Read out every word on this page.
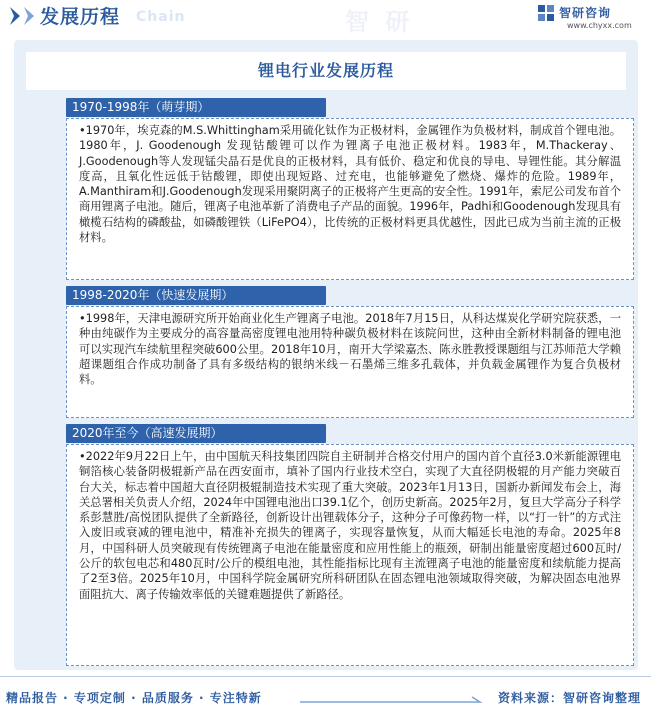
发展历程 Chain	智 研	智研咨询
www.chyxx.com
锂电行业发展历程
1970-1998年（萌芽期）

•1970年，埃克森的M.S.Whittingham采用硫化钛作为正极材料，金属锂作为负极材料，制成首个锂电池。1980年，J. Goodenough 发现钴酸锂可以作为锂离子电池正极材料。1983年，M.Thackeray、J.Goodenough等人发现锰尖晶石是优良的正极材料，具有低价、稳定和优良的导电、导锂性能。其分解温度高，且氧化性远低于钴酸锂，即使出现短路、过充电，也能够避免了燃烧、爆炸的危险。1989年，A.Manthiram和J.Goodenough发现采用聚阴离子的正极将产生更高的安全性。1991年，索尼公司发布首个商用锂离子电池。随后，锂离子电池革新了消费电子产品的面貌。1996年，Padhi和Goodenough发现具有橄榄石结构的磷酸盐，如磷酸锂铁（LiFePO4），比传统的正极材料更具优越性，因此已成为当前主流的正极材料。

1998-2020年（快速发展期）

•1998年，天津电源研究所开始商业化生产锂离子电池。2018年7月15日，从科达煤炭化学研究院获悉，一种由纯碳作为主要成分的高容量高密度锂电池用特种碳负极材料在该院问世，这种由全新材料制备的锂电池可以实现汽车续航里程突破600公里。2018年10月，南开大学梁嘉杰、陈永胜教授课题组与江苏师范大学赖超课题组合作成功制备了具有多级结构的银纳米线－石墨烯三维多孔载体，并负载金属锂作为复合负极材料。

2020年至今（高速发展期）

•2022年9月22日上午，由中国航天科技集团四院自主研制并合格交付用户的国内首个直径3.0米新能源锂电铜箔核心装备阴极辊新产品在西安面市，填补了国内行业技术空白，实现了大直径阴极辊的月产能力突破百台大关，标志着中国超大直径阴极辊制造技术实现了重大突破。2023年1月13日，国新办新闻发布会上，海关总署相关负责人介绍，2024年中国锂电池出口39.1亿个，创历史新高。2025年2月，复旦大学高分子科学系彭慧胜/高悦团队提供了全新路径，创新设计出锂载体分子，这种分子可像药物一样，以“打一针”的方式注入废旧或衰减的锂电池中，精准补充损失的锂离子，实现容量恢复，从而大幅延长电池的寿命。2025年8月，中国科研人员突破现有传统锂离子电池在能量密度和应用性能上的瓶颈，研制出能量密度超过600瓦时/公斤的软包电芯和480瓦时/公斤的模组电池，其性能指标比现有主流锂离子电池的能量密度和续航能力提高了2至3倍。2025年10月，中国科学院金属研究所科研团队在固态锂电池领域取得突破，为解决固态电池界面阻抗大、离子传输效率低的关键难题提供了新路径。

精品报告 · 专项定制 · 品质服务 · 专注特新	资料来源：智研咨询整理
